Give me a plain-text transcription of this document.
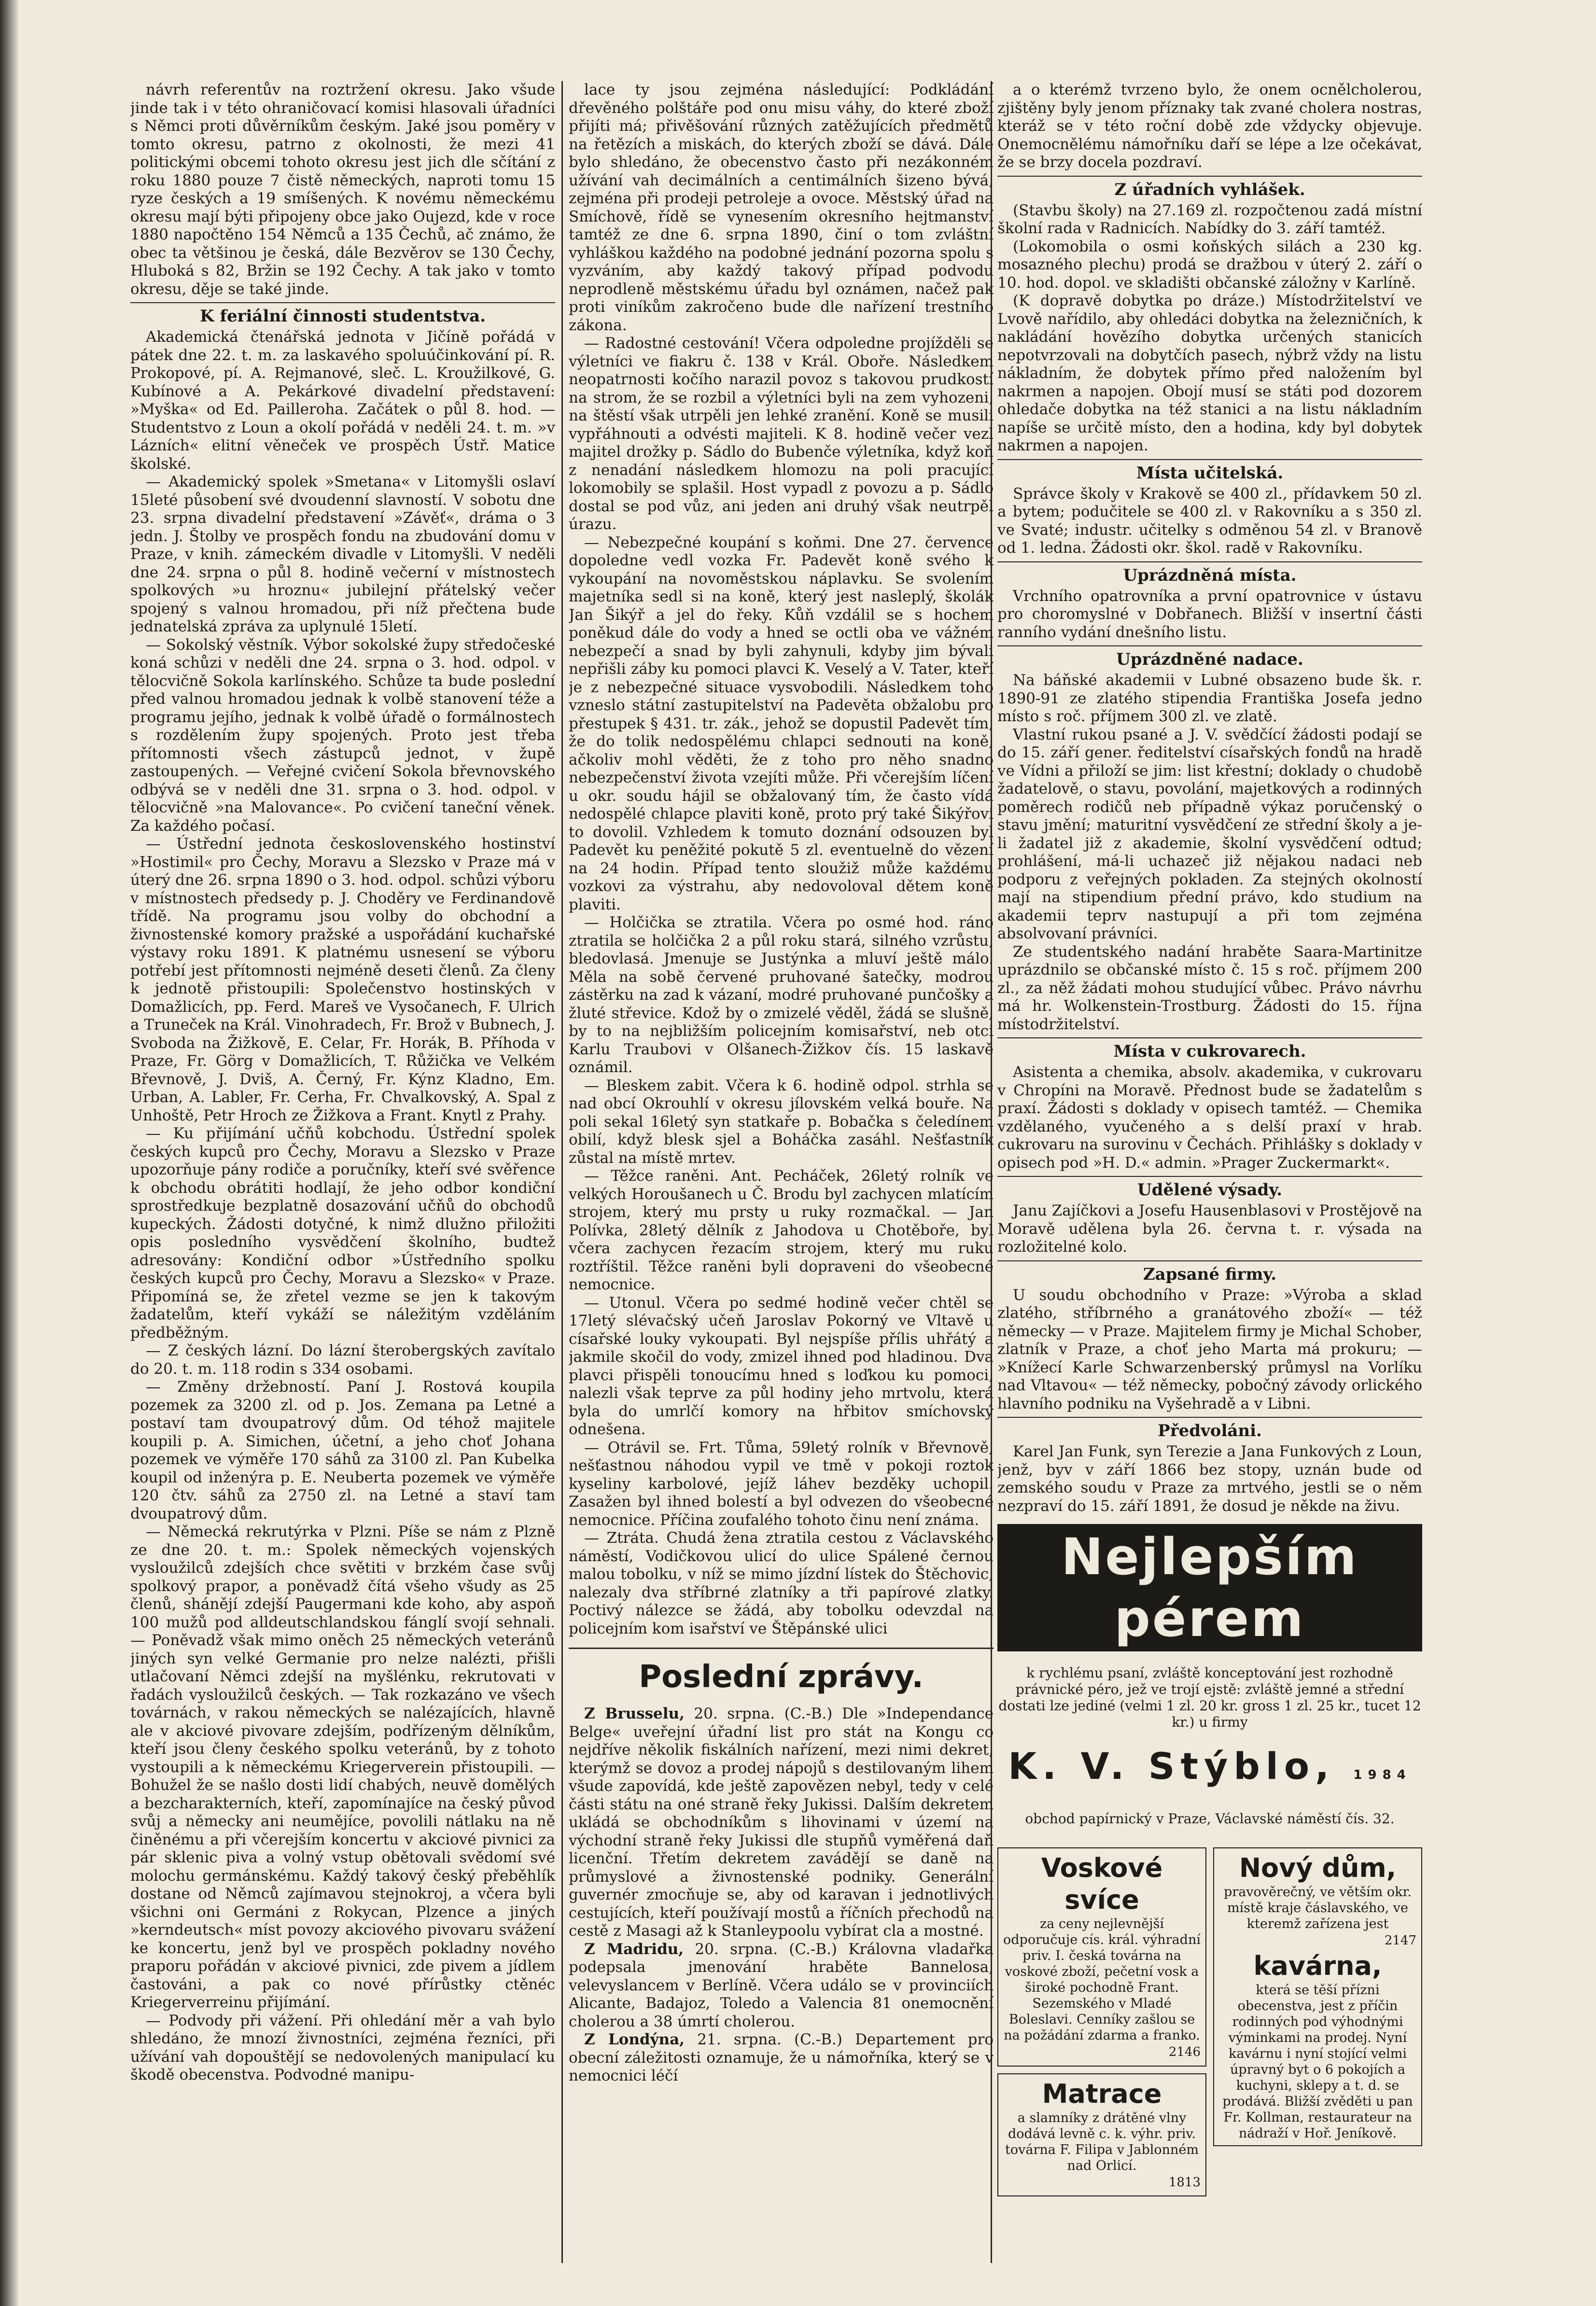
návrh referentův na roztržení okresu. Jako všude jinde tak i v této ohraničovací komisi hlasovali úřadníci s Němci proti důvěrníkům českým. Jaké jsou poměry v tomto okresu, patrno z okolnosti, že mezi 41 politickými obcemi tohoto okresu jest jich dle sčítání z roku 1880 pouze 7 čistě německých, naproti tomu 15 ryze českých a 19 smíšených. K novému německému okresu mají býti připojeny obce jako Oujezd, kde v roce 1880 napočtěno 154 Němců a 135 Čechů, ač známo, že obec ta většinou je česká, dále Bezvěrov se 130 Čechy, Hluboká s 82, Bržin se 192 Čechy. A tak jako v tomto okresu, děje se také jinde.

K feriální činnosti studentstva.

Akademická čtenářská jednota v Jičíně pořádá v pátek dne 22. t. m. za laskavého spoluúčinkování pí. R. Prokopové, pí. A. Rejmanové, sleč. L. Kroužilkové, G. Kubínové a A. Pekárkové divadelní představení: »Myška« od Ed. Pailleroha. Začátek o půl 8. hod. — Studentstvo z Loun a okolí pořádá v neděli 24. t. m. »v Lázních« elitní věneček ve prospěch Ústř. Matice školské.

— Akademický spolek »Smetana« v Litomyšli oslaví 15leté působení své dvoudenní slavností. V sobotu dne 23. srpna divadelní představení »Závěť«, dráma o 3 jedn. J. Štolby ve prospěch fondu na zbudování domu v Praze, v knih. zámeckém divadle v Litomyšli. V neděli dne 24. srpna o půl 8. hodině večerní v místnostech spolkových »u hroznu« jubilejní přátelský večer spojený s valnou hromadou, při níž přečtena bude jednatelská zpráva za uplynulé 15letí.

— Sokolský věstník. Výbor sokolské župy středočeské koná schůzi v neděli dne 24. srpna o 3. hod. odpol. v tělocvičně Sokola karlínského. Schůze ta bude poslední před valnou hromadou jednak k volbě stanovení téže a programu jejího, jednak k volbě úřadě o formálnostech s rozdělením župy spojených. Proto jest třeba přítomnosti všech zástupců jednot, v župě zastoupených. — Veřejné cvičení Sokola břevnovského odbývá se v neděli dne 31. srpna o 3. hod. odpol. v tělocvičně »na Malovance«. Po cvičení taneční věnek. Za každého počasí.

— Ústřední jednota československého hostinství »Hostimil« pro Čechy, Moravu a Slezsko v Praze má v úterý dne 26. srpna 1890 o 3. hod. odpol. schůzi výboru v místnostech předsedy p. J. Choděry ve Ferdinandově třídě. Na programu jsou volby do obchodní a živnostenské komory pražské a uspořádání kuchařské výstavy roku 1891. K platnému usnesení se výboru potřebí jest přítomnosti nejméně deseti členů. Za členy k jednotě přistoupili: Společenstvo hostinských v Domažlicích, pp. Ferd. Mareš ve Vysočanech, F. Ulrich a Truneček na Král. Vinohradech, Fr. Brož v Bubnech, J. Svoboda na Žižkově, E. Celar, Fr. Horák, B. Příhoda v Praze, Fr. Görg v Domažlicích, T. Růžička ve Velkém Břevnově, J. Dviš, A. Černý, Fr. Kýnz Kladno, Em. Urban, A. Labler, Fr. Cerha, Fr. Chvalkovský, A. Spal z Unhoště, Petr Hroch ze Žižkova a Frant. Knytl z Prahy.

— Ku přijímání učňů kobchodu. Ústřední spolek českých kupců pro Čechy, Moravu a Slezsko v Praze upozorňuje pány rodiče a poručníky, kteří své svěřence k obchodu obrátiti hodlají, že jeho odbor kondiční sprostředkuje bezplatně dosazování učňů do obchodů kupeckých. Žádosti dotyčné, k nimž dlužno přiložiti opis posledního vysvědčení školního, budtež adresovány: Kondiční odbor »Ústředního spolku českých kupců pro Čechy, Moravu a Slezsko« v Praze. Připomíná se, že zřetel vezme se jen k takovým žadatelům, kteří vykáží se náležitým vzděláním předběžným.

— Z českých lázní. Do lázní šterobergských zavítalo do 20. t. m. 118 rodin s 334 osobami.

— Změny držebností. Paní J. Rostová koupila pozemek za 3200 zl. od p. Jos. Zemana pa Letné a postaví tam dvoupatrový dům. Od téhož majitele koupili p. A. Simichen, účetní, a jeho choť Johana pozemek ve výměře 170 sáhů za 3100 zl. Pan Kubelka koupil od inženýra p. E. Neuberta pozemek ve výměře 120 čtv. sáhů za 2750 zl. na Letné a staví tam dvoupatrový dům.

— Německá rekrutýrka v Plzni. Píše se nám z Plzně ze dne 20. t. m.: Spolek německých vojenských vysloužilců zdejších chce světiti v brzkém čase svůj spolkový prapor, a poněvadž čítá všeho všudy as 25 členů, shánějí zdejší Paugermani kde koho, aby aspoň 100 mužů pod alldeutschlandskou fánglí svojí sehnali. — Poněvadž však mimo oněch 25 německých veteránů jiných syn velké Germanie pro nelze nalézti, přišli utlačovaní Němci zdejší na myšlénku, rekrutovati v řadách vysloužilců českých. — Tak rozkazáno ve všech továrnách, v rakou německých se nalézajících, hlavně ale v akciové pivovare zdejším, podřízeným dělníkům, kteří jsou členy českého spolku veteránů, by z tohoto vystoupili a k německému Kriegerverein přistoupili. — Bohužel že se našlo dosti lidí chabých, neuvě domělých a bezcharakterních, kteří, zapomínajíce na český původ svůj a německy ani neumějíce, povolili nátlaku na ně činěnému a při včerejším koncertu v akciové pivnici za pár sklenic piva a volný vstup obětovali svědomí své molochu germánskému. Každý takový český přeběhlík dostane od Němců zajímavou stejnokroj, a včera byli všichni oni Germáni z Rokycan, Plzence a jiných »kerndeutsch« míst povozy akciového pivovaru svážení ke koncertu, jenž byl ve prospěch pokladny nového praporu pořádán v akciové pivnici, zde pivem a jídlem častováni, a pak co nové přírůstky ctěnéc Kriegerverreinu přijímání.

— Podvody při vážení. Při ohledání měr a vah bylo shledáno, že mnozí živnostníci, zejména řezníci, při užívání vah dopouštějí se nedovolených manipulací ku škodě obecenstva. Podvodné manipu-

lace ty jsou zejména následující: Podkládání dřevěného polštáře pod onu misu váhy, do které zboží přijíti má; přivěšování různých zatěžujících předmětů na řetězích a miskách, do kterých zboží se dává. Dále bylo shledáno, že obecenstvo často při nezákonném užívání vah decimálních a centimálních šizeno bývá, zejména při prodeji petroleje a ovoce. Městský úřad na Smíchově, řídě se vynesením okresního hejtmanství tamtéž ze dne 6. srpna 1890, činí o tom zvláštní vyhláškou každého na podobné jednání pozorna spolu s vyzváním, aby každý takový případ podvodu neprodleně městskému úřadu byl oznámen, načež pak proti viníkům zakročeno bude dle nařízení trestního zákona.

— Radostné cestování! Včera odpoledne projížděli se výletníci ve fiakru č. 138 v Král. Oboře. Následkem neopatrnosti kočího narazil povoz s takovou prudkostí na strom, že se rozbil a výletníci byli na zem vyhozeni, na štěstí však utrpěli jen lehké zranění. Koně se musili vypřáhnouti a odvésti majiteli. K 8. hodině večer vezl majitel drožky p. Sádlo do Bubenče výletníka, když koň z nenadání následkem hlomozu na poli pracující lokomobily se splašil. Host vypadl z povozu a p. Sádlo dostal se pod vůz, ani jeden ani druhý však neutrpěl úrazu.

— Nebezpečné koupání s koňmi. Dne 27. července dopoledne vedl vozka Fr. Padevět koně svého k vykoupání na novoměstskou náplavku. Se svolením majetníka sedl si na koně, který jest nasleplý, školák Jan Šikýř a jel do řeky. Kůň vzdálil se s hochem poněkud dále do vody a hned se octli oba ve vážném nebezpečí a snad by byli zahynuli, kdyby jim bývali nepřišli záby ku pomoci plavci K. Veselý a V. Tater, kteří je z nebezpečné situace vysvobodili. Následkem toho vzneslo státní zastupitelství na Padevěta obžalobu pro přestupek § 431. tr. zák., jehož se dopustil Padevět tím, že do tolik nedospělému chlapci sednouti na koně, ačkoliv mohl věděti, že z toho pro něho snadno nebezpečenství života vzejíti může. Při včerejším líčení u okr. soudu hájil se obžalovaný tím, že často vídá nedospělé chlapce plaviti koně, proto prý také Šikýřovi to dovolil. Vzhledem k tomuto doznání odsouzen byl Padevět ku peněžité pokutě 5 zl. eventuelně do vězení na 24 hodin. Případ tento sloužiž může každému vozkovi za výstrahu, aby nedovoloval dětem koně plaviti.

— Holčička se ztratila. Včera po osmé hod. ráno ztratila se holčička 2 a půl roku stará, silného vzrůstu, bledovlasá. Jmenuje se Justýnka a mluví ještě málo. Měla na sobě červené pruhované šatečky, modrou zástěrku na zad k vázaní, modré pruhované punčošky a žluté střevice. Kdož by o zmizelé věděl, žádá se slušně, by to na nejbližším policejním komisařství, neb otci Karlu Traubovi v Olšanech-Žižkov čís. 15 laskavě oznámil.

— Bleskem zabit. Včera k 6. hodině odpol. strhla se nad obcí Okrouhlí v okresu jílovském velká bouře. Na poli sekal 16letý syn statkaře p. Bobačka s čeledínem obilí, když blesk sjel a Boháčka zasáhl. Nešťastník zůstal na místě mrtev.

— Těžce raněni. Ant. Pecháček, 26letý rolník ve velkých Horoušanech u Č. Brodu byl zachycen mlatícím strojem, který mu prsty u ruky rozmačkal. — Jan Polívka, 28letý dělník z Jahodova u Chotěboře, byl včera zachycen řezacím strojem, který mu ruku roztříštil. Těžce raněni byli dopraveni do všeobecné nemocnice.

— Utonul. Včera po sedmé hodině večer chtěl se 17letý slévačský učeň Jaroslav Pokorný ve Vltavě u císařské louky vykoupati. Byl nejspíše přílis uhřátý a jakmile skočil do vody, zmizel ihned pod hladinou. Dva plavci přispěli tonoucímu hned s loďkou ku pomoci, nalezli však teprve za půl hodiny jeho mrtvolu, která byla do umrlčí komory na hřbitov smíchovský odnešena.

— Otrávil se. Frt. Tůma, 59letý rolník v Břevnově, nešťastnou náhodou vypil ve tmě v pokoji roztok kyseliny karbolové, jejíž láhev bezděky uchopil. Zasažen byl ihned bolestí a byl odvezen do všeobecné nemocnice. Příčina zoufalého tohoto činu není známa.

— Ztráta. Chudá žena ztratila cestou z Václavského náměstí, Vodičkovou ulicí do ulice Spálené černou malou tobolku, v níž se mimo jízdní lístek do Štěchovic, nalezaly dva stříbrné zlatníky a tři papírové zlatky. Poctivý nálezce se žádá, aby tobolku odevzdal na policejním kom isařství ve Štěpánské ulici

Poslední zprávy.

Z Brusselu, 20. srpna. (C.-B.) Dle »Independance Belge« uveřejní úřadní list pro stát na Kongu co nejdříve několik fiskálních nařízení, mezi nimi dekret, kterýmž se dovoz a prodej nápojů s destilovaným lihem všude zapovídá, kde ještě zapovězen nebyl, tedy v celé části státu na oné straně řeky Jukissi. Dalším dekretem ukládá se obchodníkům s lihovinami v území na východní straně řeky Jukissi dle stupňů vyměřená daň licenční. Třetím dekretem zavádějí se daně na průmyslové a živnostenské podniky. Generální guvernér zmocňuje se, aby od karavan i jednotlivých cestujících, kteří používají mostů a říčních přechodů na cestě z Masagi až k Stanleypoolu vybírat cla a mostné.

Z Madridu, 20. srpna. (C.-B.) Královna vladařka podepsala jmenování hraběte Bannelosa, velevyslancem v Berlíně. Včera událo se v provinciích Alicante, Badajoz, Toledo a Valencia 81 onemocnění cholerou a 38 úmrtí cholerou.

Z Londýna, 21. srpna. (C.-B.) Departement pro obecní záležitosti oznamuje, že u námořníka, který se v nemocnici léčí

a o kterémž tvrzeno bylo, že onem ocnělcholerou, zjištěny byly jenom příznaky tak zvané cholera nostras, kteráž se v této roční době zde vždycky objevuje. Onemocnělému námořníku daří se lépe a lze očekávat, že se brzy docela pozdraví.

Z úřadních vyhlášek.

(Stavbu školy) na 27.169 zl. rozpočtenou zadá místní školní rada v Radnicích. Nabídky do 3. září tamtéž.

(Lokomobila o osmi koňských silách a 230 kg. mosazného plechu) prodá se dražbou v úterý 2. září o 10. hod. dopol. ve skladišti občanské záložny v Karlíně.

(K dopravě dobytka po dráze.) Místodržitelství ve Lvově nařídilo, aby ohledáci dobytka na železničních, k nakládání hovězího dobytka určených stanicích nepotvrzovali na dobytčích pasech, nýbrž vždy na listu nákladním, že dobytek přímo před naložením byl nakrmen a napojen. Obojí musí se státi pod dozorem ohledače dobytka na též stanici a na listu nákladním napíše se určitě místo, den a hodina, kdy byl dobytek nakrmen a napojen.

Místa učitelská.

Správce školy v Krakově se 400 zl., přídavkem 50 zl. a bytem; podučitele se 400 zl. v Rakovníku a s 350 zl. ve Svaté; industr. učitelky s odměnou 54 zl. v Branově od 1. ledna. Žádosti okr. škol. radě v Rakovníku.

Uprázdněná místa.

Vrchního opatrovníka a první opatrovnice v ústavu pro choromyslné v Dobřanech. Bližší v insertní části ranního vydání dnešního listu.

Uprázdněné nadace.

Na báňské akademii v Lubné obsazeno bude šk. r. 1890-91 ze zlatého stipendia Františka Josefa jedno místo s roč. příjmem 300 zl. ve zlatě.

Vlastní rukou psané a J. V. svědčící žádosti podají se do 15. září gener. ředitelství císařských fondů na hradě ve Vídni a přiloží se jim: list křestní; doklady o chudobě žadatelově, o stavu, povolání, majetkových a rodinných poměrech rodičů neb případně výkaz poručenský o stavu jmění; maturitní vysvědčení ze střední školy a je-li žadatel již z akademie, školní vysvědčení odtud; prohlášení, má-li uchazeč již nějakou nadaci neb podporu z veřejných pokladen. Za stejných okolností mají na stipendium přední právo, kdo studium na akademii teprv nastupují a při tom zejména absolvovaní právníci.

Ze studentského nadání hraběte Saara-Martinitze uprázdnilo se občanské místo č. 15 s roč. příjmem 200 zl., za něž žádati mohou studující vůbec. Právo návrhu má hr. Wolkenstein-Trostburg. Žádosti do 15. října místodržitelství.

Místa v cukrovarech.

Asistenta a chemika, absolv. akademika, v cukrovaru v Chropíni na Moravě. Přednost bude se žadatelům s praxí. Žádosti s doklady v opisech tamtéž. — Chemika vzdělaného, vyučeného a s delší praxí v hrab. cukrovaru na surovinu v Čechách. Přihlášky s doklady v opisech pod »H. D.« admin. »Prager Zuckermarkt«.

Udělené výsady.

Janu Zajíčkovi a Josefu Hausenblasovi v Prostějově na Moravě udělena byla 26. června t. r. výsada na rozložitelné kolo.

Zapsané firmy.

U soudu obchodního v Praze: »Výroba a sklad zlatého, stříbrného a granátového zboží« — též německy — v Praze. Majitelem firmy je Michal Schober, zlatník v Praze, a choť jeho Marta má prokuru; — »Knížecí Karle Schwarzenberský průmysl na Vorlíku nad Vltavou« — též německy, pobočný závody orlického hlavního podniku na Vyšehradě a v Libni.

Předvoláni.

Karel Jan Funk, syn Terezie a Jana Funkových z Loun, jenž, byv v září 1866 bez stopy, uznán bude od zemského soudu v Praze za mrtvého, jestli se o něm nezpraví do 15. září 1891, že dosud je někde na živu.

Nejlepším pérem

k rychlému psaní, zvláště konceptování jest rozhodně právnické péro, jež ve trojí ejstě: zvláště jemné a střední dostati lze jediné (velmi 1 zl. 20 kr. gross 1 zl. 25 kr., tucet 12 kr.) u firmy

K. V. Stýblo, 1984

obchod papírnický v Praze, Václavské náměstí čís. 32.

Voskové svíce
za ceny nejlevnější odporučuje cís. král. výhradní priv. I. česká továrna na voskové zboží, pečetní vosk a široké pochodně Frant. Sezemského v Mladé Boleslavi. Cenníky zašlou se na požádání zdarma a franko.
2146
Matrace
a slamníky z drátěné vlny dodává levně c. k. výhr. priv. továrna F. Filipa v Jablonném nad Orlicí.
1813
Nový dům,
pravověrečný, ve větším okr. místě kraje čáslavského, ve kteremž zařízena jest
2147
kavárna,
která se těší přízni obecenstva, jest z příčin rodinných pod výhodnými výminkami na prodej. Nyní kavárnu i nyní stojící velmi úpravný byt o 6 pokojích a kuchyni, sklepy a t. d. se prodává. Bližší zvěděti u pan Fr. Kollman, restaurateur na nádraží v Hoř. Jeníkově.
